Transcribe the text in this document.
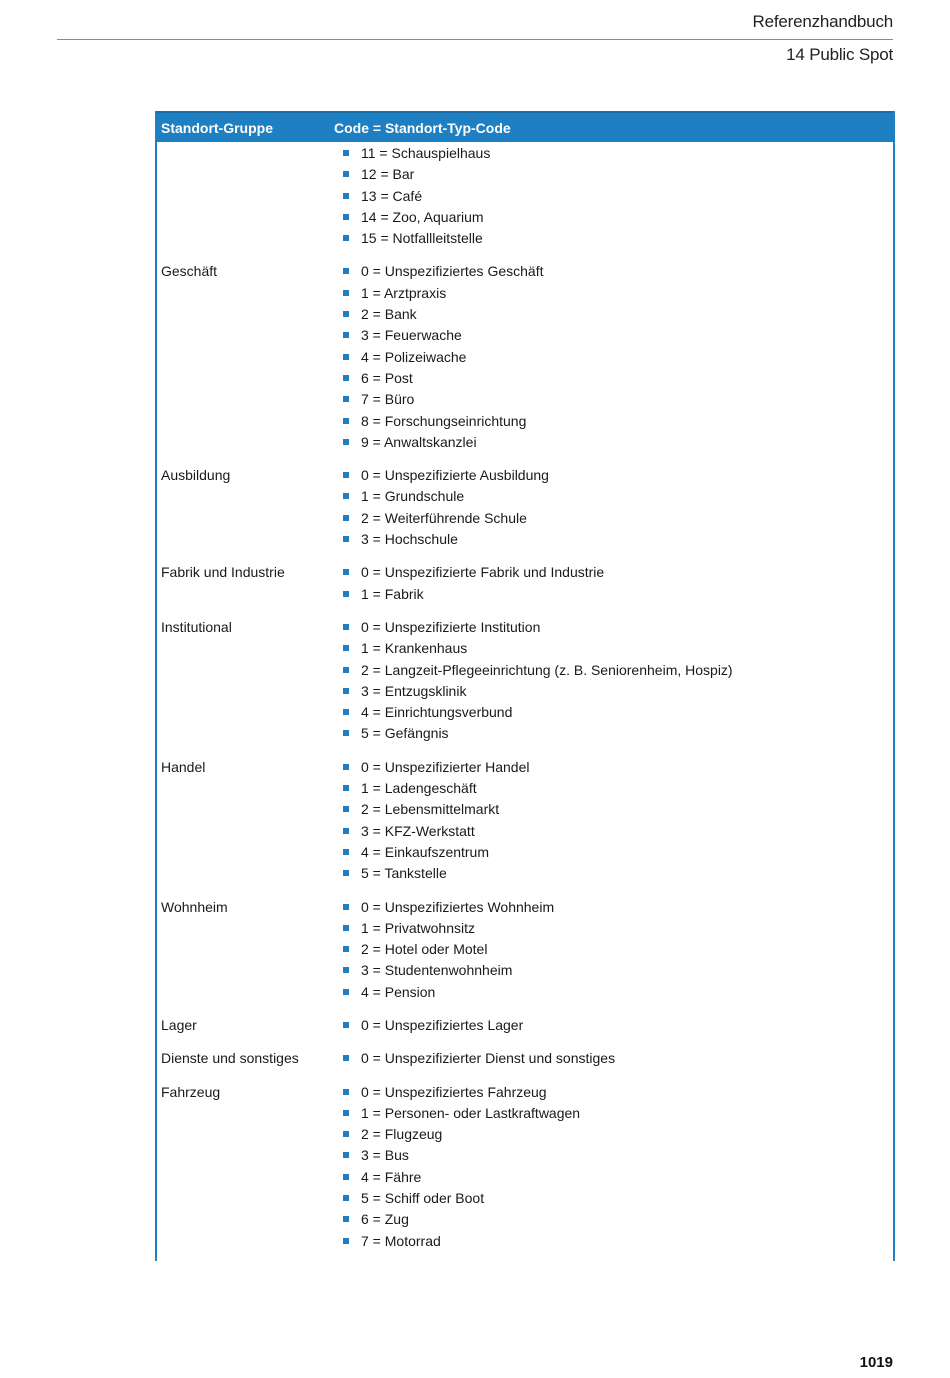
Referenzhandbuch
14 Public Spot
Standort-Gruppe	Code = Standort-Typ-Code
11 = Schauspielhaus
12 = Bar
13 = Café
14 = Zoo, Aquarium
15 = Notfallleitstelle
Geschäft	0 = Unspezifiziertes Geschäft
1 = Arztpraxis
2 = Bank
3 = Feuerwache
4 = Polizeiwache
6 = Post
7 = Büro
8 = Forschungseinrichtung
9 = Anwaltskanzlei
Ausbildung	0 = Unspezifizierte Ausbildung
1 = Grundschule
2 = Weiterführende Schule
3 = Hochschule
Fabrik und Industrie	0 = Unspezifizierte Fabrik und Industrie
1 = Fabrik
Institutional	0 = Unspezifizierte Institution
1 = Krankenhaus
2 = Langzeit-Pflegeeinrichtung (z. B. Seniorenheim, Hospiz)
3 = Entzugsklinik
4 = Einrichtungsverbund
5 = Gefängnis
Handel	0 = Unspezifizierter Handel
1 = Ladengeschäft
2 = Lebensmittelmarkt
3 = KFZ-Werkstatt
4 = Einkaufszentrum
5 = Tankstelle
Wohnheim	0 = Unspezifiziertes Wohnheim
1 = Privatwohnsitz
2 = Hotel oder Motel
3 = Studentenwohnheim
4 = Pension
Lager	0 = Unspezifiziertes Lager
Dienste und sonstiges	0 = Unspezifizierter Dienst und sonstiges
Fahrzeug	0 = Unspezifiziertes Fahrzeug
1 = Personen- oder Lastkraftwagen
2 = Flugzeug
3 = Bus
4 = Fähre
5 = Schiff oder Boot
6 = Zug
7 = Motorrad
1019
